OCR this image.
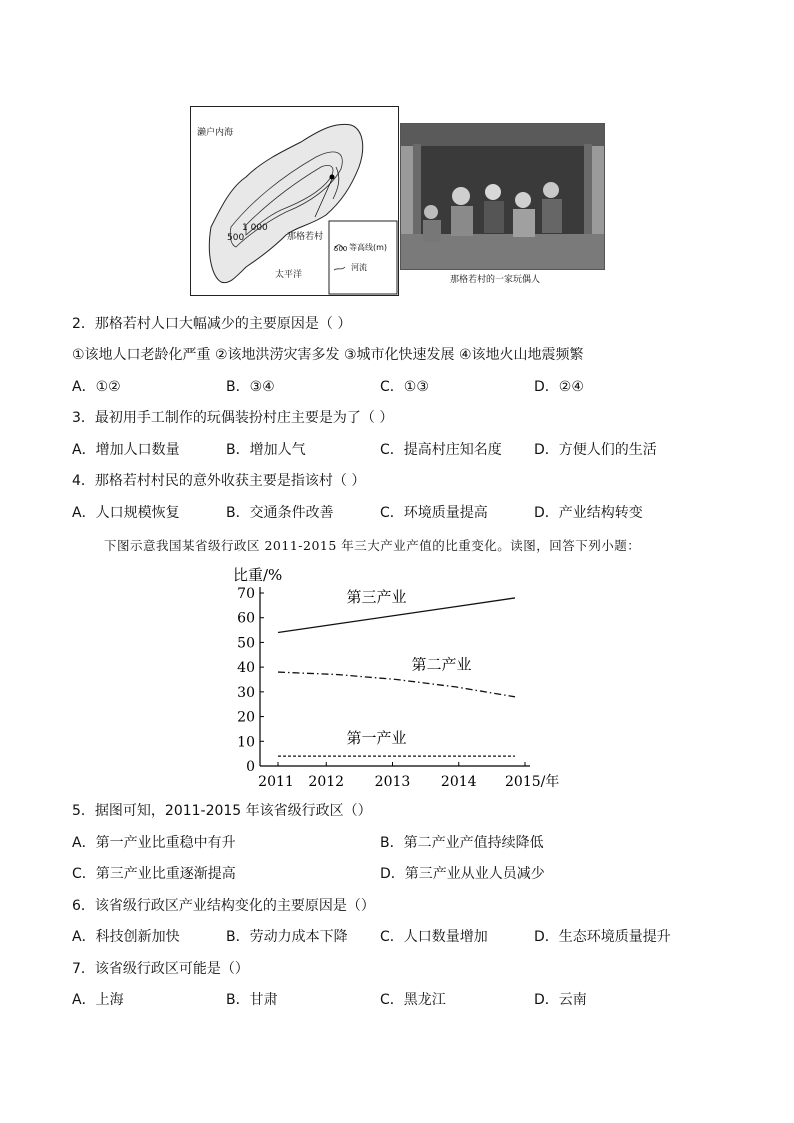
濑户内海
1 000
500	那格若村
太平洋
500 等高线(m)
河流
那格若村的一家玩偶人
2．那格若村人口大幅减少的主要原因是（ ）
①该地人口老龄化严重 ②该地洪涝灾害多发 ③城市化快速发展 ④该地火山地震频繁
A．①②	B．③④	C．①③	D．②④
3．最初用手工制作的玩偶装扮村庄主要是为了（ ）
A．增加人口数量	B．增加人气	C．提高村庄知名度 D．方便人们的生活
4．那格若村村民的意外收获主要是指该村（ ）
A．人口规模恢复	B．交通条件改善	C．环境质量提高	D．产业结构转变
下图示意我国某省级行政区 2011-2015 年三大产业产值的比重变化。读图，回答下列小题：
比重/%
0
10
20
30
40
50
60
70
2011 2012 2013 2014 2015/年
第三产业
第二产业
第一产业
5．据图可知，2011-2015 年该省级行政区（）
A．第一产业比重稳中有升	B．第二产业产值持续降低
C．第三产业比重逐渐提高	D．第三产业从业人员减少
6．该省级行政区产业结构变化的主要原因是（）
A．科技创新加快	B．劳动力成本下降 C．人口数量增加	D．生态环境质量提升
7．该省级行政区可能是（）
A．上海	B．甘肃	C．黑龙江	D．云南
